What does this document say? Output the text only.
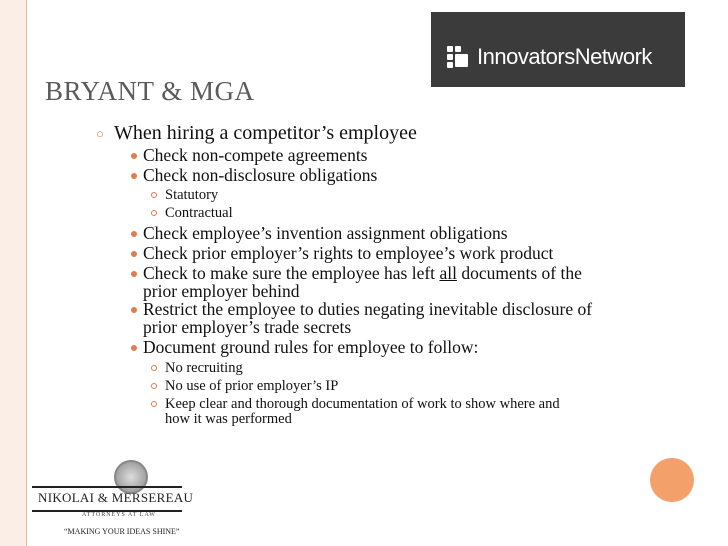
BRYANT & MGA
InnovatorsNetwork
○ When hiring a competitor’s employee
Check non-compete agreements
Check non-disclosure obligations
Statutory
Contractual
Check employee’s invention assignment obligations
Check prior employer’s rights to employee’s work product
Check to make sure the employee has left all documents of the
prior employer behind
Restrict the employee to duties negating inevitable disclosure of
prior employer’s trade secrets
Document ground rules for employee to follow:
No recruiting
No use of prior employer’s IP
Keep clear and thorough documentation of work to show where and
how it was performed
NIKOLAI & MERSEREAU
ATTORNEYS AT LAW
“MAKING YOUR IDEAS SHINE”
